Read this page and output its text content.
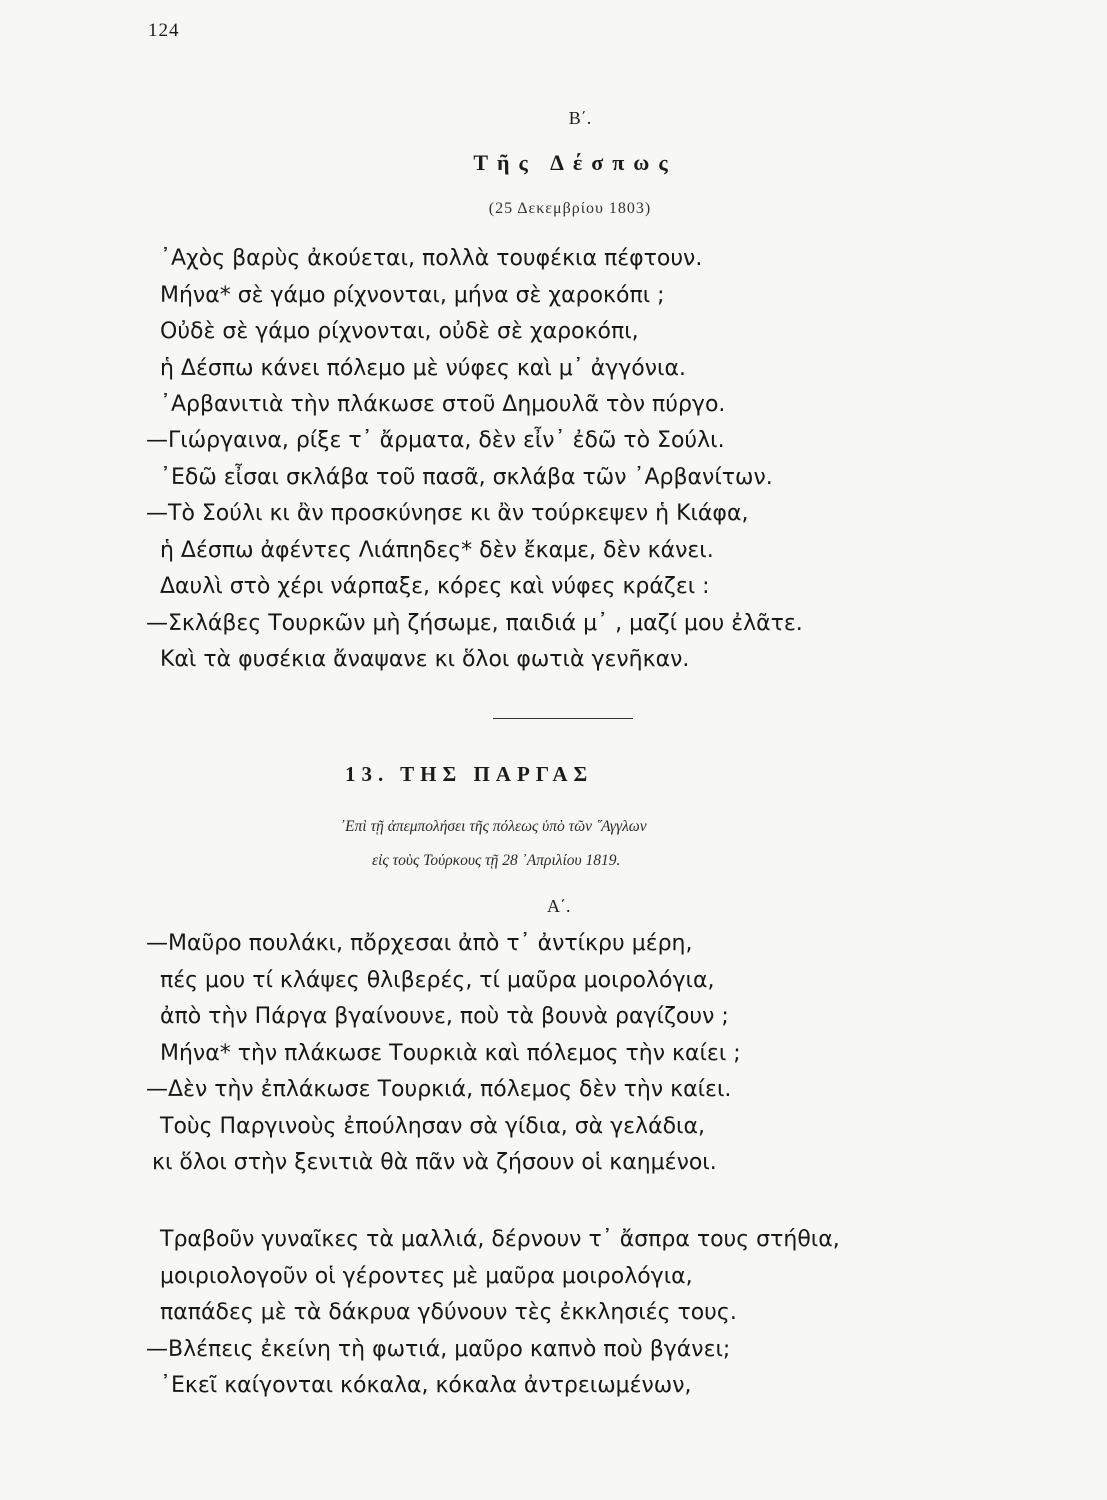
124
Β΄.
Τῆς Δέσπως
(25 Δεκεμβρίου 1803)
᾿Αχὸς βαρὺς ἀκούεται, πολλὰ τουφέκια πέφτουν.
Μήνα* σὲ γάμο ρίχνονται, μήνα σὲ χαροκόπι ;
Οὐδὲ σὲ γάμο ρίχνονται, οὐδὲ σὲ χαροκόπι,
ἡ Δέσπω κάνει πόλεμο μὲ νύφες καὶ μ᾿ ἀγγόνια.
᾿Αρβανιτιὰ τὴν πλάκωσε στοῦ Δημουλᾶ τὸν πύργο.
—Γιώργαινα, ρίξε τ᾿ ἄρματα, δὲν εἶν᾿ ἐδῶ τὸ Σούλι.
᾿Εδῶ εἶσαι σκλάβα τοῦ πασᾶ, σκλάβα τῶν ᾿Αρβανίτων.
—Τὸ Σούλι κι ἂν προσκύνησε κι ἂν τούρκεψεν ἡ Κιάφα,
ἡ Δέσπω ἀφέντες Λιάπηδες* δὲν ἔκαμε, δὲν κάνει.
Δαυλὶ στὸ χέρι νάρπαξε, κόρες καὶ νύφες κράζει :
—Σκλάβες Τουρκῶν μὴ ζήσωμε, παιδιά μ᾿ , μαζί μου ἐλᾶτε.
Καὶ τὰ φυσέκια ἄναψανε κι ὅλοι φωτιὰ γενῆκαν.
13. ΤΗΣ ΠΑΡΓΑΣ
᾿Επὶ τῇ ἀπεμπολήσει τῆς πόλεως ὑπὸ τῶν ῞Αγγλων
εἰς τοὺς Τούρκους τῇ 28 ᾿Απριλίου 1819.
Α΄.
—Μαῦρο πουλάκι, πὄρχεσαι ἀπὸ τ᾿ ἀντίκρυ μέρη,
πές μου τί κλάψες θλιβερές, τί μαῦρα μοιρολόγια,
ἀπὸ τὴν Πάργα βγαίνουνε, ποὺ τὰ βουνὰ ραγίζουν ;
Μήνα* τὴν πλάκωσε Τουρκιὰ καὶ πόλεμος τὴν καίει ;
—Δὲν τὴν ἐπλάκωσε Τουρκιά, πόλεμος δὲν τὴν καίει.
Τοὺς Παργινοὺς ἐπούλησαν σὰ γίδια, σὰ γελάδια,
κι ὅλοι στὴν ξενιτιὰ θὰ πᾶν νὰ ζήσουν οἱ καημένοι.
Τραβοῦν γυναῖκες τὰ μαλλιά, δέρνουν τ᾿ ἄσπρα τους στήθια,
μοιριολογοῦν οἱ γέροντες μὲ μαῦρα μοιρολόγια,
παπάδες μὲ τὰ δάκρυα γδύνουν τὲς ἐκκλησιές τους.
—Βλέπεις ἐκείνη τὴ φωτιά, μαῦρο καπνὸ ποὺ βγάνει;
᾿Εκεῖ καίγονται κόκαλα, κόκαλα ἀντρειωμένων,
